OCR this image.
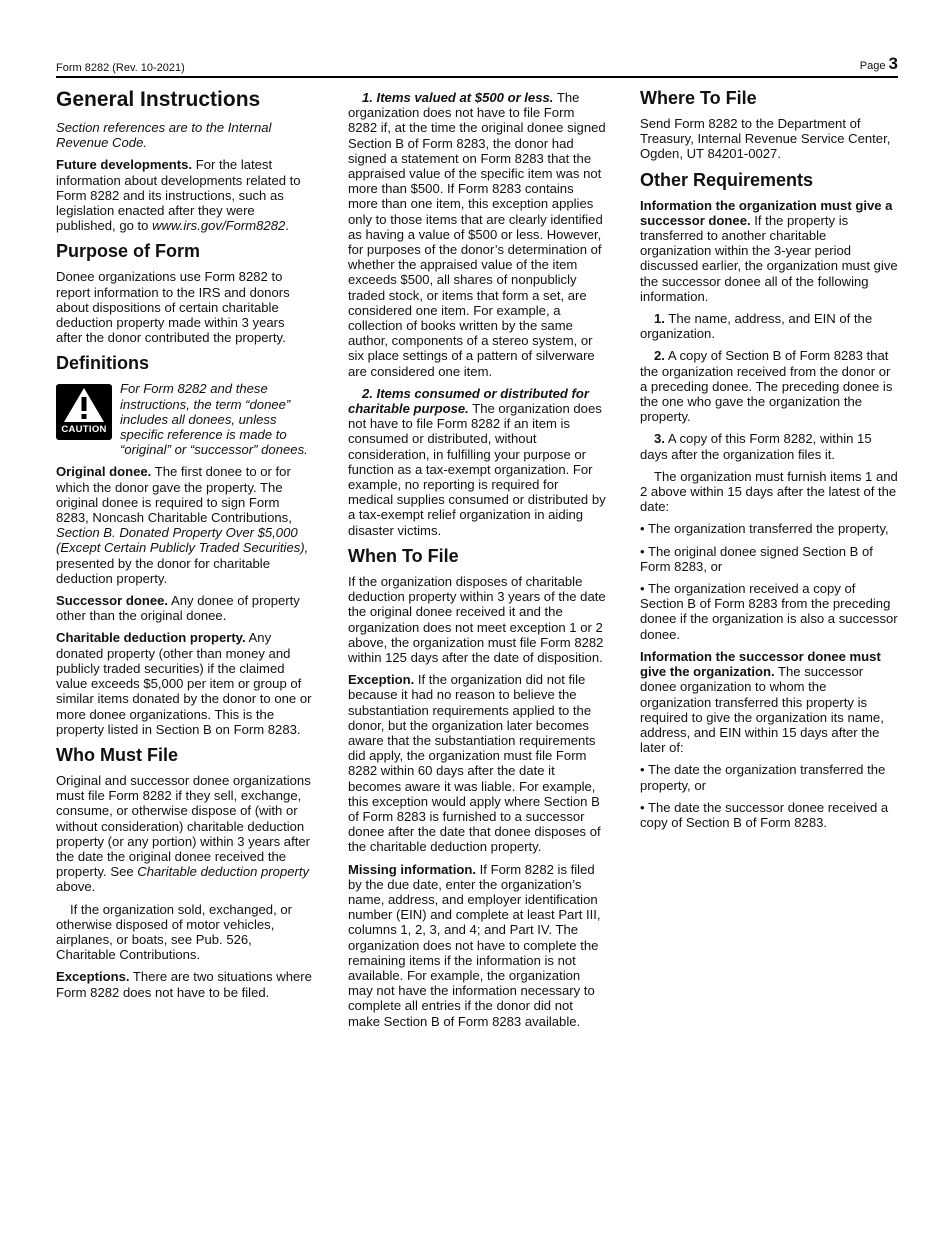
Form 8282 (Rev. 10-2021)	Page 3
General Instructions

Section references are to the Internal Revenue Code.

Future developments. For the latest information about developments related to Form 8282 and its instructions, such as legislation enacted after they were published, go to www.irs.gov/Form8282.

Purpose of Form

Donee organizations use Form 8282 to report information to the IRS and donors about dispositions of certain charitable deduction property made within 3 years after the donor contributed the property.

Definitions
CAUTION
For Form 8282 and these instructions, the term “donee” includes all donees, unless specific reference is made to “original” or “successor” donees.

Original donee. The first donee to or for which the donor gave the property. The original donee is required to sign Form 8283, Noncash Charitable Contributions, Section B. Donated Property Over $5,000 (Except Certain Publicly Traded Securities), presented by the donor for charitable deduction property.

Successor donee. Any donee of property other than the original donee.

Charitable deduction property. Any donated property (other than money and publicly traded securities) if the claimed value exceeds $5,000 per item or group of similar items donated by the donor to one or more donee organizations. This is the property listed in Section B on Form 8283.

Who Must File

Original and successor donee organizations must file Form 8282 if they sell, exchange, consume, or otherwise dispose of (with or without consideration) charitable deduction property (or any portion) within 3 years after the date the original donee received the property. See Charitable deduction property above.

If the organization sold, exchanged, or otherwise disposed of motor vehicles, airplanes, or boats, see Pub. 526, Charitable Contributions.

Exceptions. There are two situations where Form 8282 does not have to be filed.

1. Items valued at $500 or less. The organization does not have to file Form 8282 if, at the time the original donee signed Section B of Form 8283, the donor had signed a statement on Form 8283 that the appraised value of the specific item was not more than $500. If Form 8283 contains more than one item, this exception applies only to those items that are clearly identified as having a value of $500 or less. However, for purposes of the donor’s determination of whether the appraised value of the item exceeds $500, all shares of nonpublicly traded stock, or items that form a set, are considered one item. For example, a collection of books written by the same author, components of a stereo system, or six place settings of a pattern of silverware are considered one item.

2. Items consumed or distributed for charitable purpose. The organization does not have to file Form 8282 if an item is consumed or distributed, without consideration, in fulfilling your purpose or function as a tax-exempt organization. For example, no reporting is required for medical supplies consumed or distributed by a tax-exempt relief organization in aiding disaster victims.

When To File

If the organization disposes of charitable deduction property within 3 years of the date the original donee received it and the organization does not meet exception 1 or 2 above, the organization must file Form 8282 within 125 days after the date of disposition.

Exception. If the organization did not file because it had no reason to believe the substantiation requirements applied to the donor, but the organization later becomes aware that the substantiation requirements did apply, the organization must file Form 8282 within 60 days after the date it becomes aware it was liable. For example, this exception would apply where Section B of Form 8283 is furnished to a successor donee after the date that donee disposes of the charitable deduction property.

Missing information. If Form 8282 is filed by the due date, enter the organization’s name, address, and employer identification number (EIN) and complete at least Part III, columns 1, 2, 3, and 4; and Part IV. The organization does not have to complete the remaining items if the information is not available. For example, the organization may not have the information necessary to complete all entries if the donor did not make Section B of Form 8283 available.

Where To File

Send Form 8282 to the Department of Treasury, Internal Revenue Service Center, Ogden, UT 84201-0027.

Other Requirements

Information the organization must give a successor donee. If the property is transferred to another charitable organization within the 3-year period discussed earlier, the organization must give the successor donee all of the following information.

1. The name, address, and EIN of the organization.

2. A copy of Section B of Form 8283 that the organization received from the donor or a preceding donee. The preceding donee is the one who gave the organization the property.

3. A copy of this Form 8282, within 15 days after the organization files it.

The organization must furnish items 1 and 2 above within 15 days after the latest of the date:

• The organization transferred the property,

• The original donee signed Section B of Form 8283, or

• The organization received a copy of Section B of Form 8283 from the preceding donee if the organization is also a successor donee.

Information the successor donee must give the organization. The successor donee organization to whom the organization transferred this property is required to give the organization its name, address, and EIN within 15 days after the later of:

• The date the organization transferred the property, or

• The date the successor donee received a copy of Section B of Form 8283.
